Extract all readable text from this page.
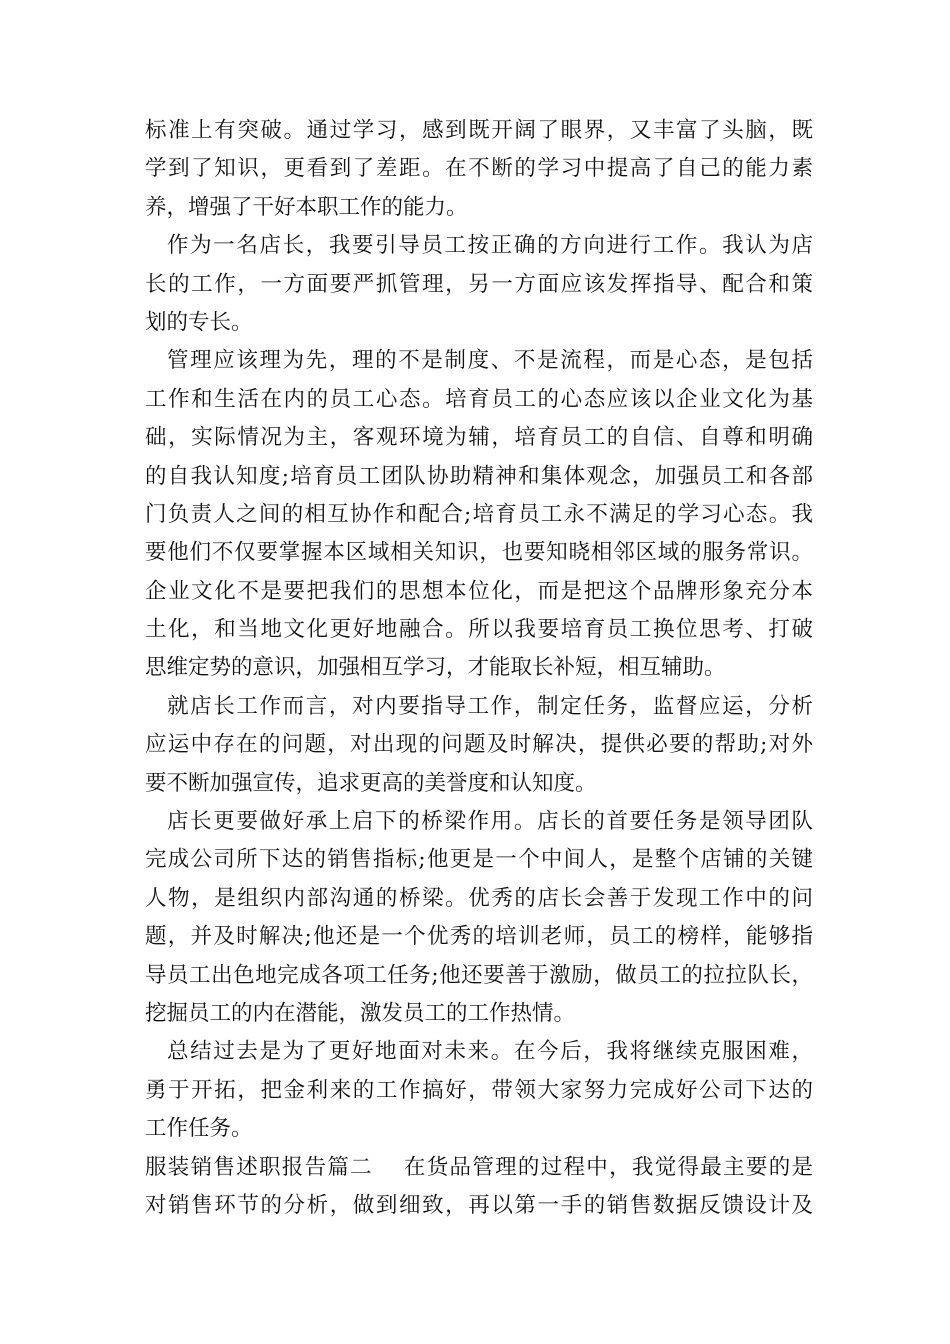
标准上有突破。通过学习，感到既开阔了眼界，又丰富了头脑，既
学到了知识，更看到了差距。在不断的学习中提高了自己的能力素
养，增强了干好本职工作的能力。
作为一名店长，我要引导员工按正确的方向进行工作。我认为店
长的工作，一方面要严抓管理，另一方面应该发挥指导、配合和策
划的专长。
管理应该理为先，理的不是制度、不是流程，而是心态，是包括
工作和生活在内的员工心态。培育员工的心态应该以企业文化为基
础，实际情况为主，客观环境为辅，培育员工的自信、自尊和明确
的自我认知度;培育员工团队协助精神和集体观念，加强员工和各部
门负责人之间的相互协作和配合;培育员工永不满足的学习心态。我
要他们不仅要掌握本区域相关知识，也要知晓相邻区域的服务常识。
企业文化不是要把我们的思想本位化，而是把这个品牌形象充分本
土化，和当地文化更好地融合。所以我要培育员工换位思考、打破
思维定势的意识，加强相互学习，才能取长补短，相互辅助。
就店长工作而言，对内要指导工作，制定任务，监督应运，分析
应运中存在的问题，对出现的问题及时解决，提供必要的帮助;对外
要不断加强宣传，追求更高的美誉度和认知度。
店长更要做好承上启下的桥梁作用。店长的首要任务是领导团队
完成公司所下达的销售指标;他更是一个中间人，是整个店铺的关键
人物，是组织内部沟通的桥梁。优秀的店长会善于发现工作中的问
题，并及时解决;他还是一个优秀的培训老师，员工的榜样，能够指
导员工出色地完成各项工任务;他还要善于激励，做员工的拉拉队长，
挖掘员工的内在潜能，激发员工的工作热情。
总结过去是为了更好地面对未来。在今后，我将继续克服困难，
勇于开拓，把金利来的工作搞好，带领大家努力完成好公司下达的
工作任务。
服装销售述职报告篇二　 在货品管理的过程中，我觉得最主要的是
对销售环节的分析，做到细致，再以第一手的销售数据反馈设计及
